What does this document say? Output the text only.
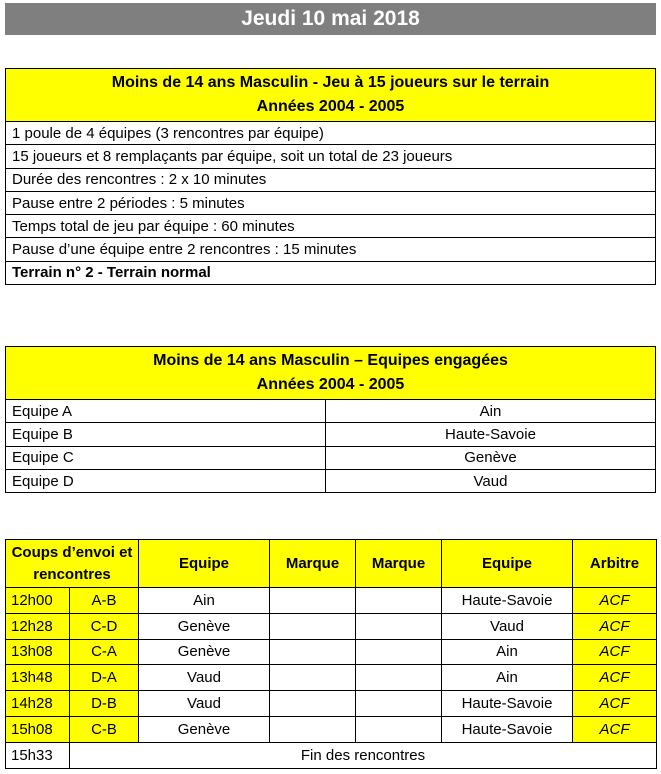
Jeudi 10 mai 2018
Moins de 14 ans Masculin - Jeu à 15 joueurs sur le terrain
Années 2004 - 2005

1 poule de 4 équipes (3 rencontres par équipe)
15 joueurs et 8 remplaçants par équipe, soit un total de 23 joueurs
Durée des rencontres : 2 x 10 minutes
Pause entre 2 périodes : 5 minutes
Temps total de jeu par équipe : 60 minutes
Pause d’une équipe entre 2 rencontres : 15 minutes
Terrain n° 2 - Terrain normal
Moins de 14 ans Masculin – Equipes engagées
Années 2004 - 2005	

Equipe A	Ain
Equipe B	Haute-Savoie
Equipe C	Genève
Equipe D	Vaud
Coups d’envoi et rencontres		Equipe	Marque	Marque	Equipe	Arbitre
12h00	A-B	Ain			Haute-Savoie	ACF
12h28	C-D	Genève			Vaud	ACF
13h08	C-A	Genève			Ain	ACF
13h48	D-A	Vaud			Ain	ACF
14h28	D-B	Vaud			Haute-Savoie	ACF
15h08	C-B	Genève			Haute-Savoie	ACF
15h33	Fin des rencontres					
